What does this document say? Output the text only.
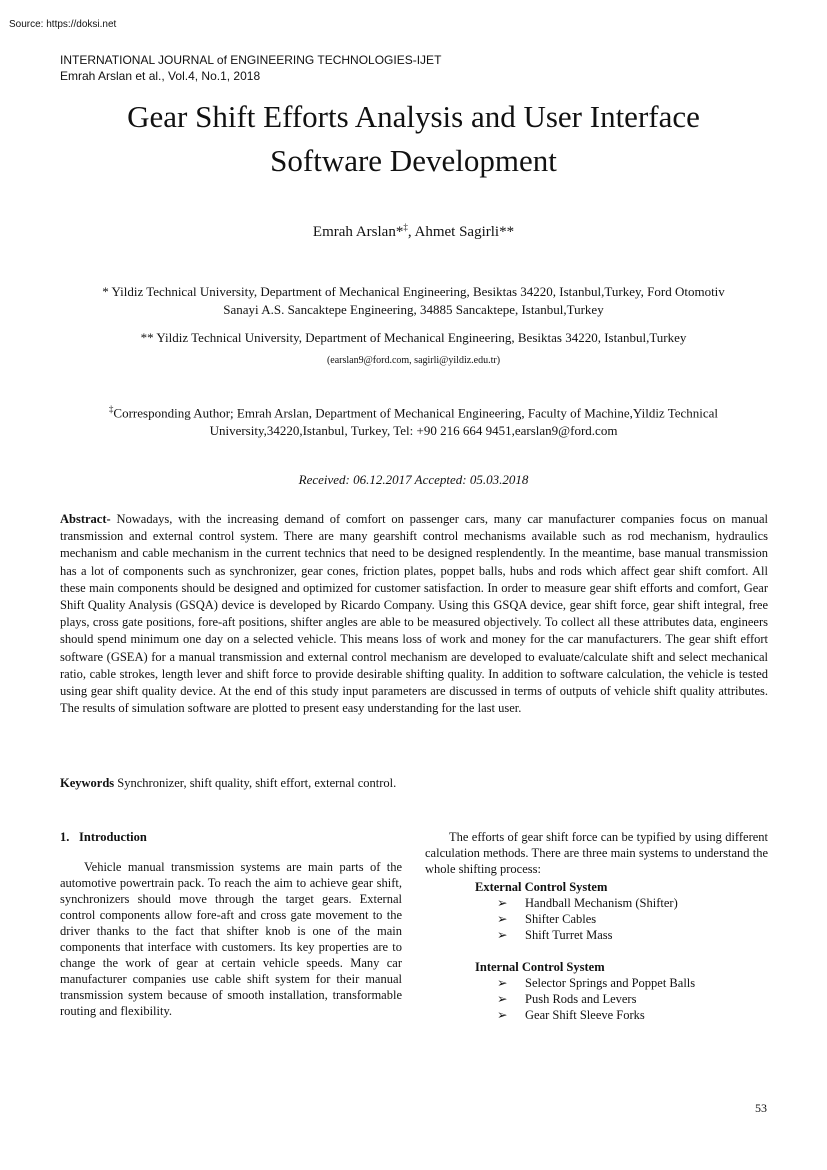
Source: https://doksi.net
INTERNATIONAL JOURNAL of ENGINEERING TECHNOLOGIES-IJET
Emrah Arslan et al., Vol.4, No.1, 2018
Gear Shift Efforts Analysis and User Interface
Software Development
Emrah Arslan*‡, Ahmet Sagirli**
* Yildiz Technical University, Department of Mechanical Engineering, Besiktas 34220, Istanbul,Turkey, Ford Otomotiv
Sanayi A.S. Sancaktepe Engineering, 34885 Sancaktepe, Istanbul,Turkey
** Yildiz Technical University, Department of Mechanical Engineering, Besiktas 34220, Istanbul,Turkey
(earslan9@ford.com, sagirli@yildiz.edu.tr)
‡Corresponding Author; Emrah Arslan, Department of Mechanical Engineering, Faculty of Machine,Yildiz Technical
University,34220,Istanbul, Turkey, Tel: +90 216 664 9451,earslan9@ford.com
Received: 06.12.2017 Accepted: 05.03.2018

Abstract- Nowadays, with the increasing demand of comfort on passenger cars, many car manufacturer companies focus on manual transmission and external control system. There are many gearshift control mechanisms available such as rod mechanism, hydraulics mechanism and cable mechanism in the current technics that need to be designed resplendently. In the meantime, base manual transmission has a lot of components such as synchronizer, gear cones, friction plates, poppet balls, hubs and rods which affect gear shift comfort. All these main components should be designed and optimized for customer satisfaction. In order to measure gear shift efforts and comfort, Gear Shift Quality Analysis (GSQA) device is developed by Ricardo Company. Using this GSQA device, gear shift force, gear shift integral, free plays, cross gate positions, fore-aft positions, shifter angles are able to be measured objectively. To collect all these attributes data, engineers should spend minimum one day on a selected vehicle. This means loss of work and money for the car manufacturers. The gear shift effort software (GSEA) for a manual transmission and external control mechanism are developed to evaluate/calculate shift and select mechanical ratio, cable strokes, length lever and shift force to provide desirable shifting quality. In addition to software calculation, the vehicle is tested using gear shift quality device. At the end of this study input parameters are discussed in terms of outputs of vehicle shift quality attributes. The results of simulation software are plotted to present easy understanding for the last user.

Keywords Synchronizer, shift quality, shift effort, external control.

1. Introduction

Vehicle manual transmission systems are main parts of the automotive powertrain pack. To reach the aim to achieve gear shift, synchronizers should move through the target gears. External control components allow fore-aft and cross gate movement to the driver thanks to the fact that shifter knob is one of the main components that interface with customers. Its key properties are to change the work of gear at certain vehicle speeds. Many car manufacturer companies use cable shift system for their manual transmission system because of smooth installation, transformable routing and flexibility.

The efforts of gear shift force can be typified by using different calculation methods. There are three main systems to understand the whole shifting process:

External Control System

➢ Handball Mechanism (Shifter)
➢ Shifter Cables
➢ Shift Turret Mass

Internal Control System

➢ Selector Springs and Poppet Balls
➢ Push Rods and Levers
➢ Gear Shift Sleeve Forks
53
